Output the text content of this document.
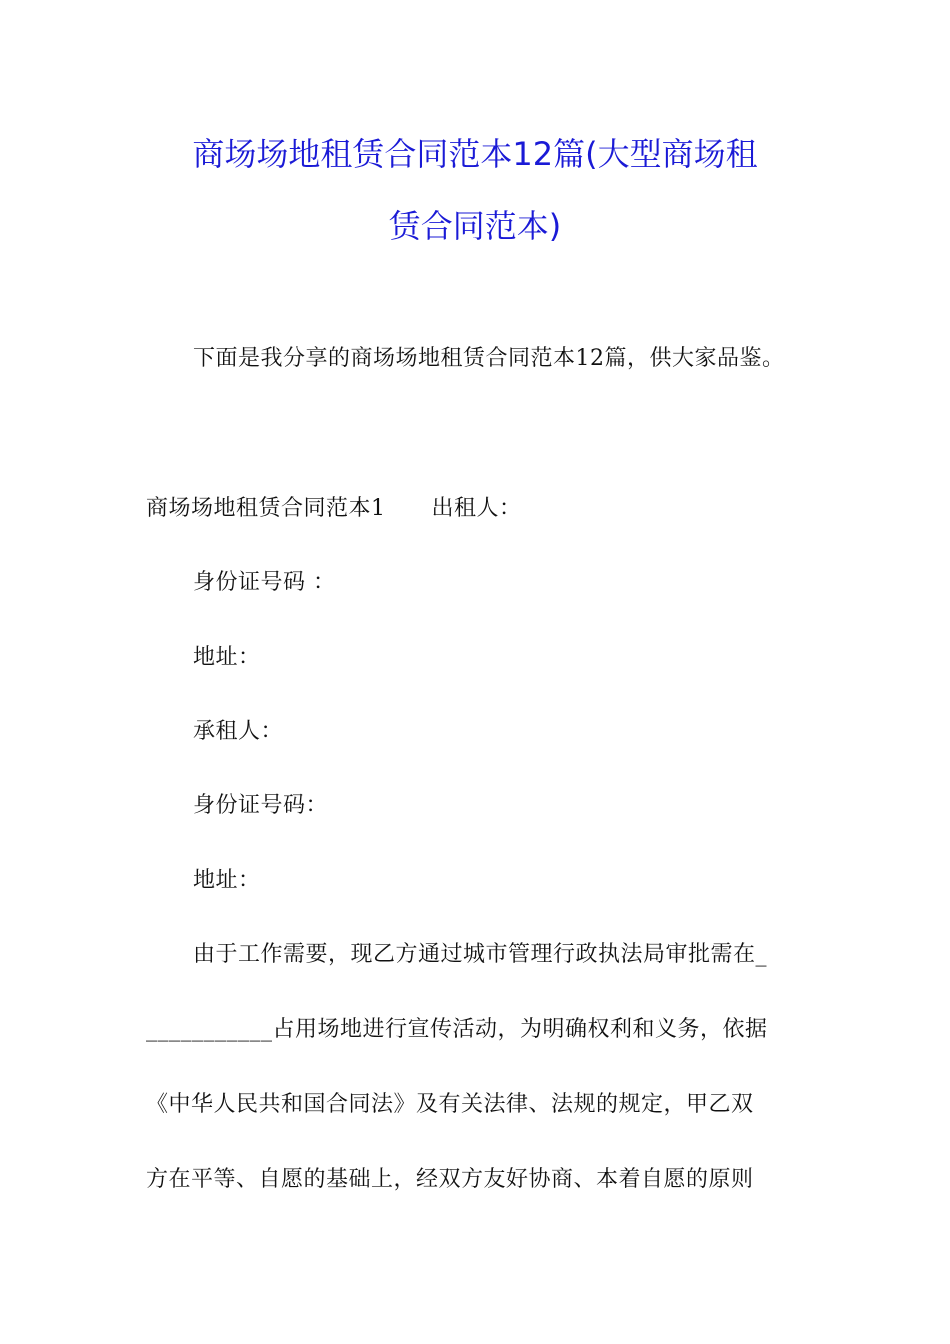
商场场地租赁合同范本12篇(大型商场租
赁合同范本)
下面是我分享的商场场地租赁合同范本12篇，供大家品鉴。
商场场地租赁合同范本1 出租人：
身份证号码 ：
地址：
承租人：
身份证号码：
地址：
由于工作需要，现乙方通过城市管理行政执法局审批需在_
___________占用场地进行宣传活动，为明确权利和义务，依据
《中华人民共和国合同法》及有关法律、法规的规定，甲乙双
方在平等、自愿的基础上，经双方友好协商、本着自愿的原则
